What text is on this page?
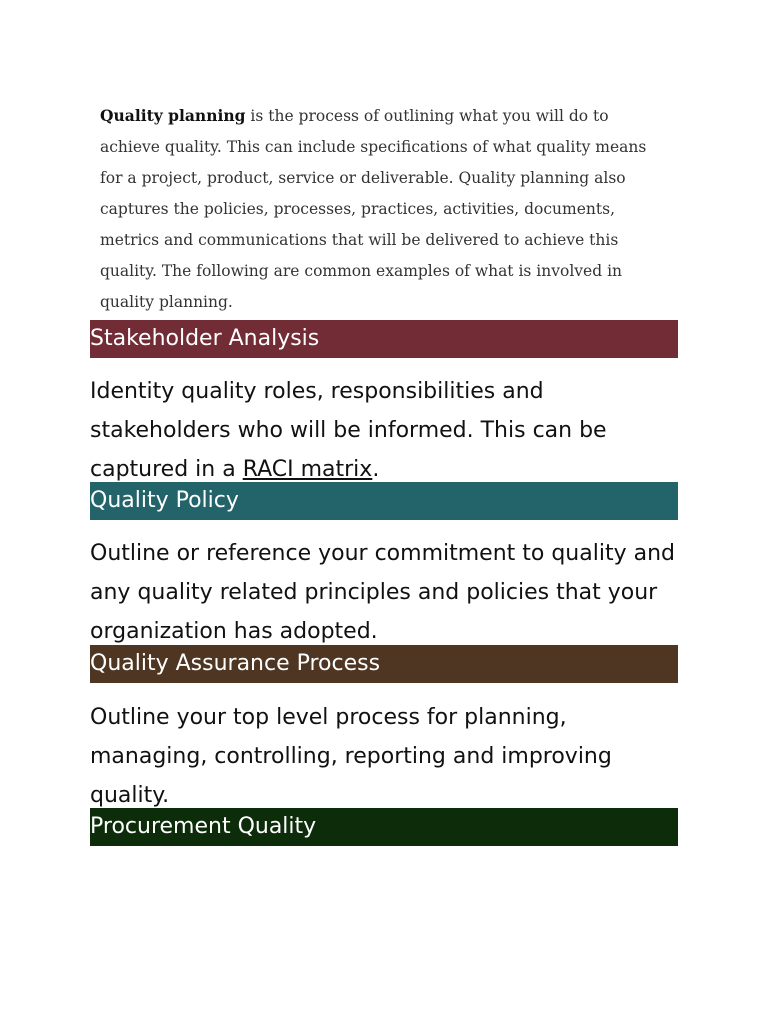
Quality planning is the process of outlining what you will do to achieve quality. This can include specifications of what quality means for a project, product, service or deliverable. Quality planning also captures the policies, processes, practices, activities, documents, metrics and communications that will be delivered to achieve this quality. The following are common examples of what is involved in quality planning.

Stakeholder Analysis

Identity quality roles, responsibilities and stakeholders who will be informed. This can be captured in a RACI matrix.

Quality Policy

Outline or reference your commitment to quality and any quality related principles and policies that your organization has adopted.

Quality Assurance Process

Outline your top level process for planning, managing, controlling, reporting and improving quality.

Procurement Quality
